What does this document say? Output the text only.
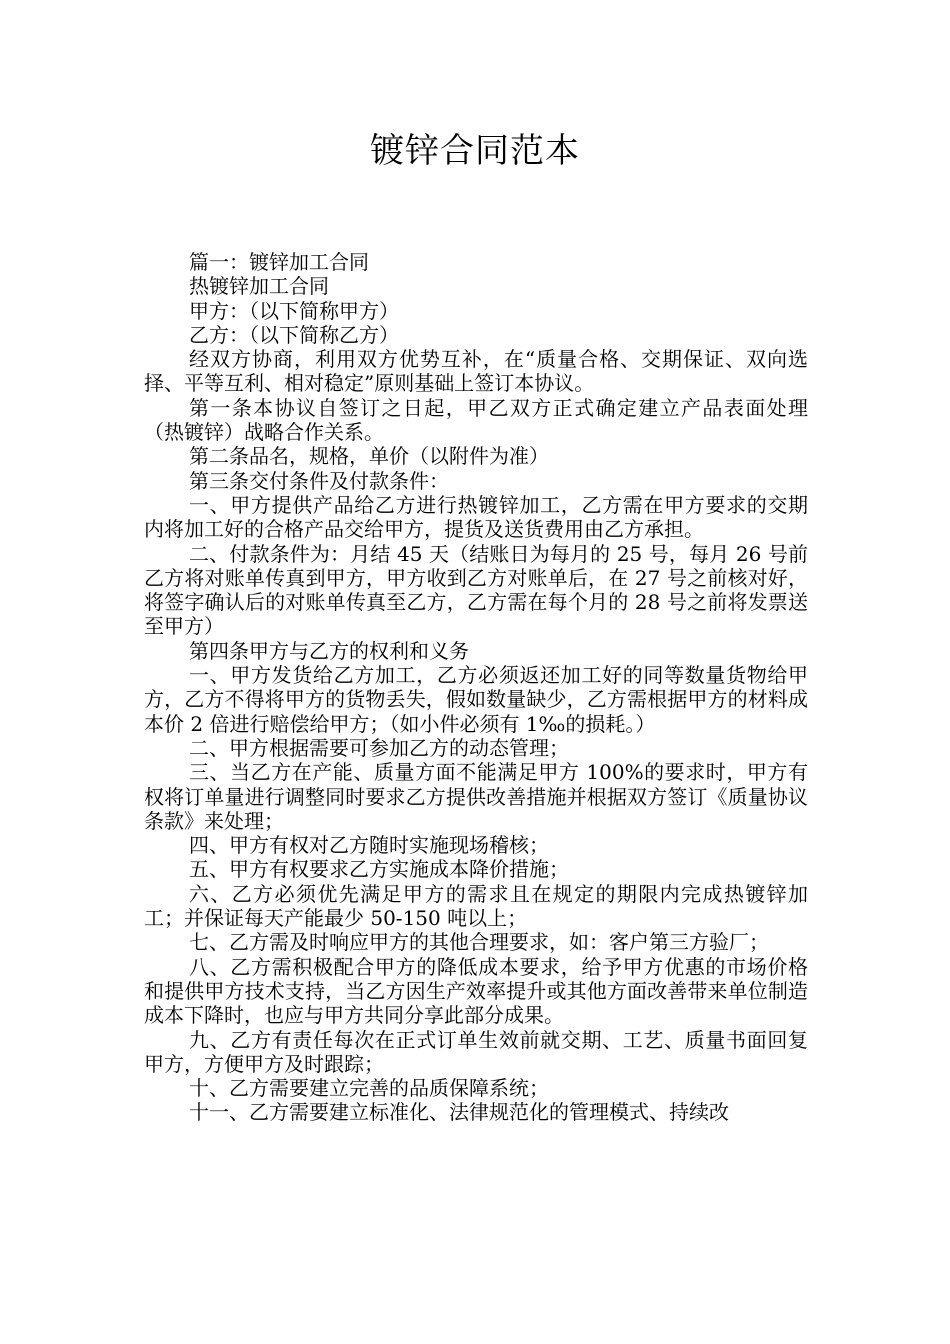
镀锌合同范本

篇一：镀锌加工合同

热镀锌加工合同

甲方：（以下简称甲方）

乙方：（以下简称乙方）

经双方协商，利用双方优势互补，在“质量合格、交期保证、双向选择、平等互利、相对稳定”原则基础上签订本协议。

第一条本协议自签订之日起，甲乙双方正式确定建立产品表面处理（热镀锌）战略合作关系。

第二条品名，规格，单价（以附件为准）

第三条交付条件及付款条件：

一、甲方提供产品给乙方进行热镀锌加工，乙方需在甲方要求的交期内将加工好的合格产品交给甲方，提货及送货费用由乙方承担。

二、付款条件为：月结 45 天（结账日为每月的 25 号，每月 26 号前乙方将对账单传真到甲方，甲方收到乙方对账单后，在 27 号之前核对好，将签字确认后的对账单传真至乙方，乙方需在每个月的 28 号之前将发票送至甲方）

第四条甲方与乙方的权利和义务

一、甲方发货给乙方加工，乙方必须返还加工好的同等数量货物给甲方，乙方不得将甲方的货物丢失，假如数量缺少，乙方需根据甲方的材料成本价 2 倍进行赔偿给甲方；（如小件必须有 1‰的损耗。）

二、甲方根据需要可参加乙方的动态管理；

三、当乙方在产能、质量方面不能满足甲方 100%的要求时，甲方有权将订单量进行调整同时要求乙方提供改善措施并根据双方签订《质量协议条款》来处理；

四、甲方有权对乙方随时实施现场稽核；

五、甲方有权要求乙方实施成本降价措施；

六、乙方必须优先满足甲方的需求且在规定的期限内完成热镀锌加工；并保证每天产能最少 50-150 吨以上；

七、乙方需及时响应甲方的其他合理要求，如：客户第三方验厂；

八、乙方需积极配合甲方的降低成本要求，给予甲方优惠的市场价格和提供甲方技术支持，当乙方因生产效率提升或其他方面改善带来单位制造成本下降时，也应与甲方共同分享此部分成果。

九、乙方有责任每次在正式订单生效前就交期、工艺、质量书面回复甲方，方便甲方及时跟踪；

十、乙方需要建立完善的品质保障系统；

十一、乙方需要建立标准化、法律规范化的管理模式、持续改
